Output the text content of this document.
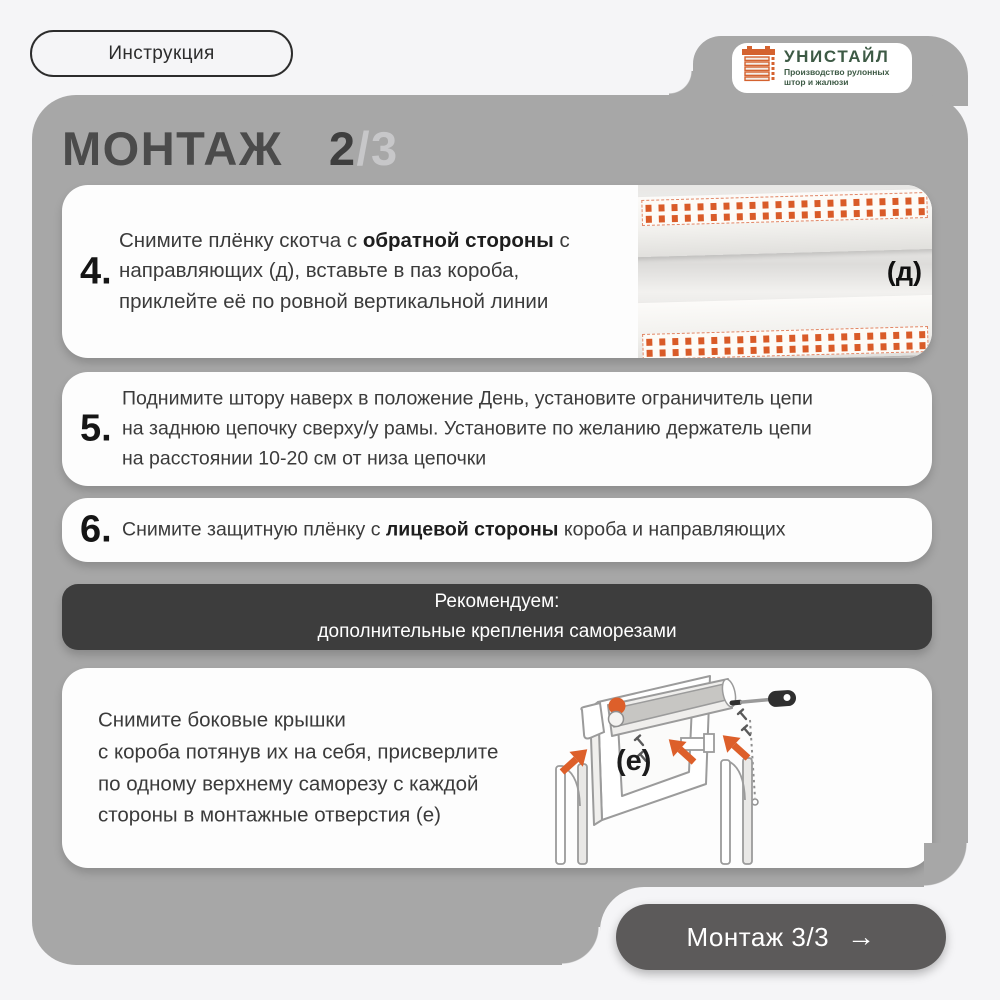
Инструкция	УНИСТАЙЛ
Производство рулонных
штор и жалюзи
МОНТАЖ 2/3
4.
Снимите плёнку скотча с обратной стороны с
направляющих (д), вставьте в паз короба,
приклейте её по ровной вертикальной линии
(д)
5.
Поднимите штору наверх в положение День, установите ограничитель цепи
на заднюю цепочку сверху/у рамы. Установите по желанию держатель цепи
на расстоянии 10-20 см от низа цепочки
6. Снимите защитную плёнку с лицевой стороны короба и направляющих
Рекомендуем:
дополнительные крепления саморезами
Снимите боковые крышки
с короба потянув их на себя, присверлите
по одному верхнему саморезу с каждой
стороны в монтажные отверстия (е)
(e)
Монтаж 3/3 →
